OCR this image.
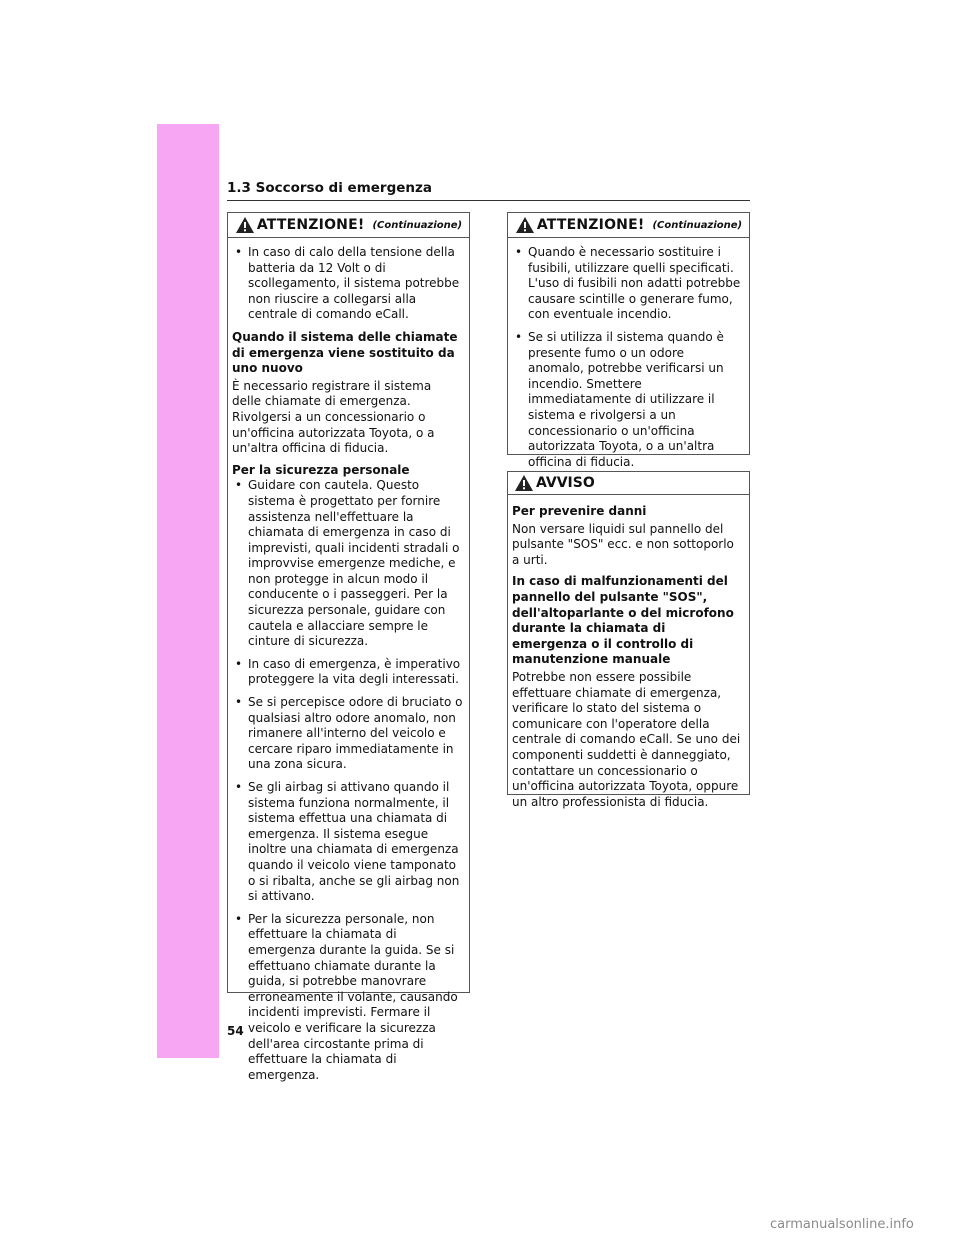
1.3 Soccorso di emergenza
ATTENZIONE! (Continuazione)
• In caso di calo della tensione della batteria da 12 Volt o di scollegamento, il sistema potrebbe non riuscire a collegarsi alla centrale di comando eCall.

Quando il sistema delle chiamate di emergenza viene sostituito da uno nuovo

È necessario registrare il sistema delle chiamate di emergenza. Rivolgersi a un concessionario o un'officina autorizzata Toyota, o a un'altra officina di fiducia.

Per la sicurezza personale

• Guidare con cautela. Questo sistema è progettato per fornire assistenza nell'effettuare la chiamata di emergenza in caso di imprevisti, quali incidenti stradali o improvvise emergenze mediche, e non protegge in alcun modo il conducente o i passeggeri. Per la sicurezza personale, guidare con cautela e allacciare sempre le cinture di sicurezza.
• In caso di emergenza, è imperativo proteggere la vita degli interessati.
• Se si percepisce odore di bruciato o qualsiasi altro odore anomalo, non rimanere all'interno del veicolo e cercare riparo immediatamente in una zona sicura.
• Se gli airbag si attivano quando il sistema funziona normalmente, il sistema effettua una chiamata di emergenza. Il sistema esegue inoltre una chiamata di emergenza quando il veicolo viene tamponato o si ribalta, anche se gli airbag non si attivano.
• Per la sicurezza personale, non effettuare la chiamata di emergenza durante la guida. Se si effettuano chiamate durante la guida, si potrebbe manovrare erroneamente il volante, causando incidenti imprevisti. Fermare il veicolo e verificare la sicurezza dell'area circostante prima di effettuare la chiamata di emergenza.
ATTENZIONE! (Continuazione)
• Quando è necessario sostituire i fusibili, utilizzare quelli specificati. L'uso di fusibili non adatti potrebbe causare scintille o generare fumo, con eventuale incendio.
• Se si utilizza il sistema quando è presente fumo o un odore anomalo, potrebbe verificarsi un incendio. Smettere immediatamente di utilizzare il sistema e rivolgersi a un concessionario o un'officina autorizzata Toyota, o a un'altra officina di fiducia.
AVVISO

Per prevenire danni

Non versare liquidi sul pannello del pulsante "SOS" ecc. e non sottoporlo a urti.

In caso di malfunzionamenti del pannello del pulsante "SOS", dell'altoparlante o del microfono durante la chiamata di emergenza o il controllo di manutenzione manuale

Potrebbe non essere possibile effettuare chiamate di emergenza, verificare lo stato del sistema o comunicare con l'operatore della centrale di comando eCall. Se uno dei componenti suddetti è danneggiato, contattare un concessionario o un'officina autorizzata Toyota, oppure un altro professionista di fiducia.

54
carmanualsonline.info
